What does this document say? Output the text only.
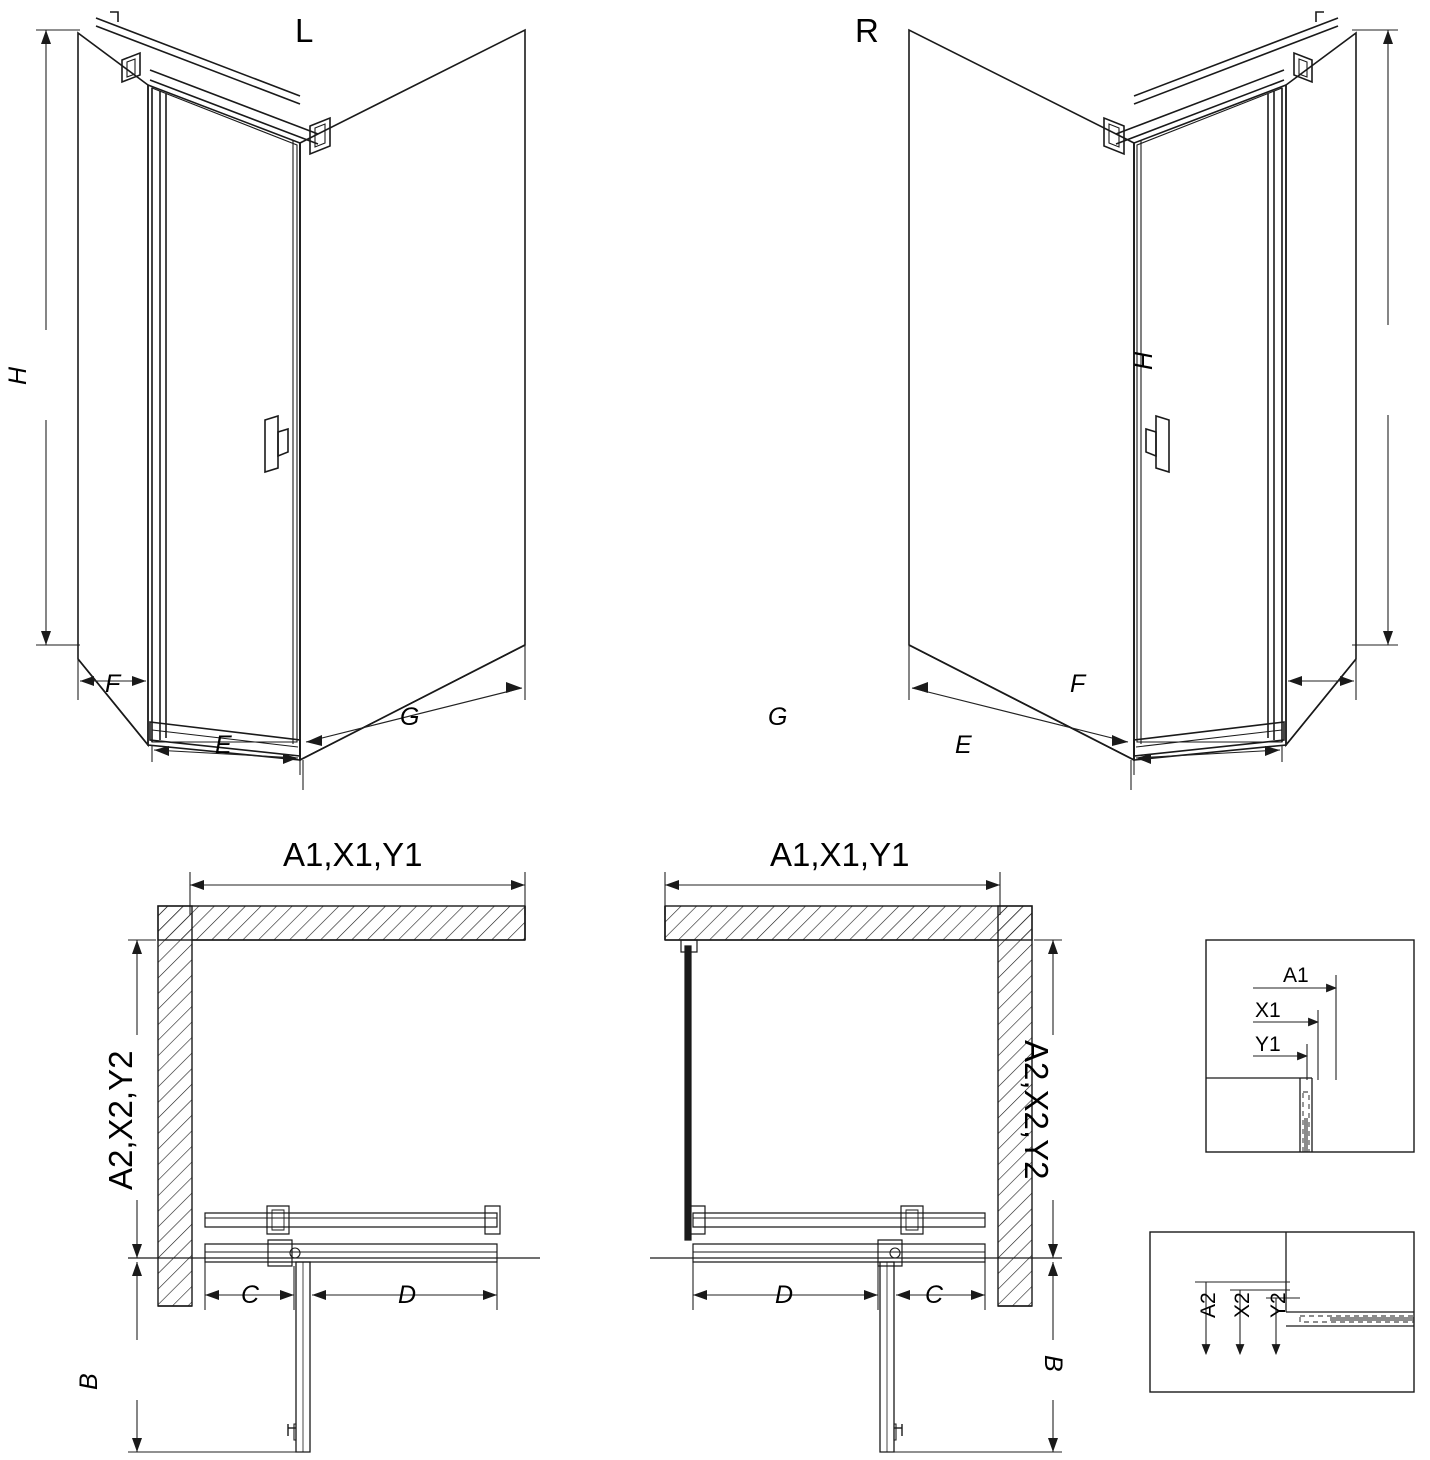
L	R
H
H
F
E
G
F
E
G
A1,X1,Y1	A1,X1,Y1
A2,X2,Y2	A2,X2,Y2
C	D	D	C
B
B
A1
X1
Y1
A2 X2 Y2
